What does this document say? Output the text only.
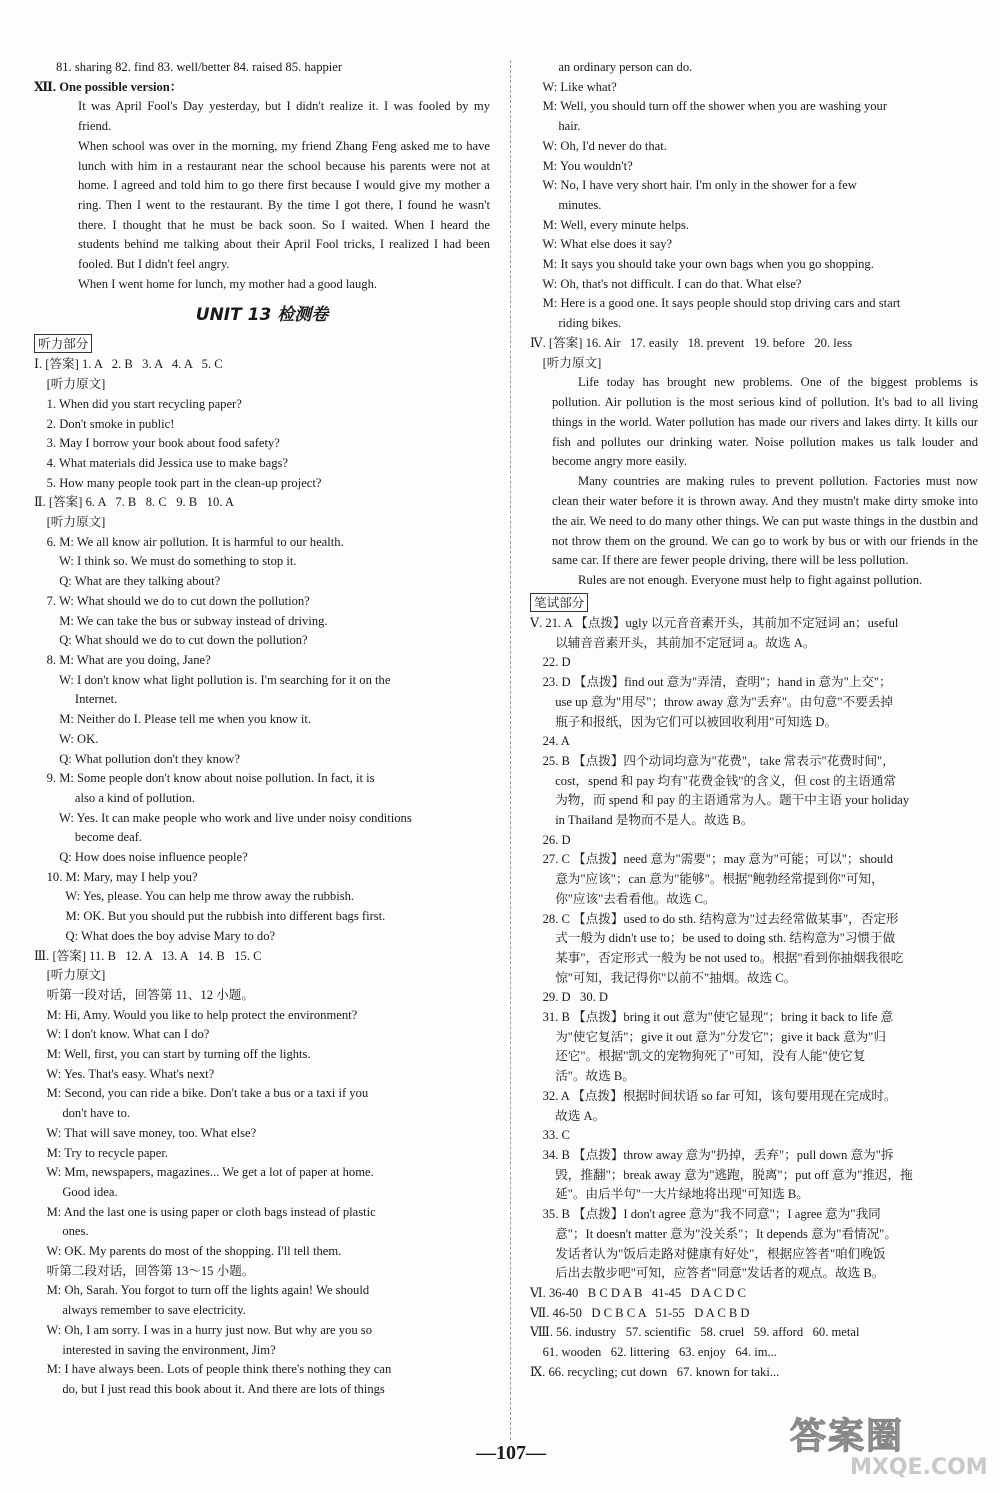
81. sharing 82. find 83. well/better 84. raised 85. happier
Ⅻ. One possible version：
It was April Fool's Day yesterday, but I didn't realize it. I was fooled by my friend.
When school was over in the morning, my friend Zhang Feng asked me to have lunch with him in a restaurant near the school because his parents were not at home. I agreed and told him to go there first because I would give my mother a ring. Then I went to the restaurant. By the time I got there, I found he wasn't there. I thought that he must be back soon. So I waited. When I heard the students behind me talking about their April Fool tricks, I realized I had been fooled. But I didn't feel angry.
When I went home for lunch, my mother had a good laugh.
UNIT 13 检测卷
听力部分
Ⅰ. [答案] 1. A   2. B   3. A   4. A   5. C
[听力原文]
1. When did you start recycling paper?
2. Don't smoke in public!
3. May I borrow your book about food safety?
4. What materials did Jessica use to make bags?
5. How many people took part in the clean-up project?
Ⅱ. [答案] 6. A   7. B   8. C   9. B   10. A
[听力原文]
6. M: We all know air pollution. It is harmful to our health.
W: I think so. We must do something to stop it.
Q: What are they talking about?
7. W: What should we do to cut down the pollution?
M: We can take the bus or subway instead of driving.
Q: What should we do to cut down the pollution?
8. M: What are you doing, Jane?
W: I don't know what light pollution is. I'm searching for it on the
Internet.
M: Neither do I. Please tell me when you know it.
W: OK.
Q: What pollution don't they know?
9. M: Some people don't know about noise pollution. In fact, it is
also a kind of pollution.
W: Yes. It can make people who work and live under noisy conditions
become deaf.
Q: How does noise influence people?
10. M: Mary, may I help you?
W: Yes, please. You can help me throw away the rubbish.
M: OK. But you should put the rubbish into different bags first.
Q: What does the boy advise Mary to do?
Ⅲ. [答案] 11. B   12. A   13. A   14. B   15. C
[听力原文]
听第一段对话，回答第 11、12 小题。
M: Hi, Amy. Would you like to help protect the environment?
W: I don't know. What can I do?
M: Well, first, you can start by turning off the lights.
W: Yes. That's easy. What's next?
M: Second, you can ride a bike. Don't take a bus or a taxi if you
don't have to.
W: That will save money, too. What else?
M: Try to recycle paper.
W: Mm, newspapers, magazines... We get a lot of paper at home.
Good idea.
M: And the last one is using paper or cloth bags instead of plastic
ones.
W: OK. My parents do most of the shopping. I'll tell them.
听第二段对话，回答第 13～15 小题。
M: Oh, Sarah. You forgot to turn off the lights again! We should
always remember to save electricity.
W: Oh, I am sorry. I was in a hurry just now. But why are you so
interested in saving the environment, Jim?
M: I have always been. Lots of people think there's nothing they can
do, but I just read this book about it. And there are lots of things
an ordinary person can do.
W: Like what?
M: Well, you should turn off the shower when you are washing your
hair.
W: Oh, I'd never do that.
M: You wouldn't?
W: No, I have very short hair. I'm only in the shower for a few
minutes.
M: Well, every minute helps.
W: What else does it say?
M: It says you should take your own bags when you go shopping.
W: Oh, that's not difficult. I can do that. What else?
M: Here is a good one. It says people should stop driving cars and start
riding bikes.
Ⅳ. [答案] 16. Air   17. easily   18. prevent   19. before   20. less
[听力原文]
Life today has brought new problems. One of the biggest problems is pollution. Air pollution is the most serious kind of pollution. It's bad to all living things in the world. Water pollution has made our rivers and lakes dirty. It kills our fish and pollutes our drinking water. Noise pollution makes us talk louder and become angry more easily.
Many countries are making rules to prevent pollution. Factories must now clean their water before it is thrown away. And they mustn't make dirty smoke into the air. We need to do many other things. We can put waste things in the dustbin and not throw them on the ground. We can go to work by bus or with our friends in the same car. If there are fewer people driving, there will be less pollution.
Rules are not enough. Everyone must help to fight against pollution.
笔试部分
Ⅴ. 21. A 【点拨】ugly 以元音音素开头，其前加不定冠词 an；useful
以辅音音素开头，其前加不定冠词 a。故选 A。
22. D
23. D 【点拨】find out 意为"弄清，查明"；hand in 意为"上交"；
use up 意为"用尽"；throw away 意为"丢弃"。由句意"不要丢掉
瓶子和报纸，因为它们可以被回收利用"可知选 D。
24. A
25. B 【点拨】四个动词均意为"花费"，take 常表示"花费时间"，
cost，spend 和 pay 均有"花费金钱"的含义，但 cost 的主语通常
为物，而 spend 和 pay 的主语通常为人。题干中主语 your holiday
in Thailand 是物而不是人。故选 B。
26. D
27. C 【点拨】need 意为"需要"；may 意为"可能；可以"；should
意为"应该"；can 意为"能够"。根据"鲍勃经常提到你"可知，
你"应该"去看看他。故选 C。
28. C 【点拨】used to do sth. 结构意为"过去经常做某事"，否定形
式一般为 didn't use to；be used to doing sth. 结构意为"习惯于做
某事"，否定形式一般为 be not used to。根据"看到你抽烟我很吃
惊"可知，我记得你"以前不"抽烟。故选 C。
29. D   30. D
31. B 【点拨】bring it out 意为"使它显现"；bring it back to life 意
为"使它复活"；give it out 意为"分发它"；give it back 意为"归
还它"。根据"凯文的宠物狗死了"可知，没有人能"使它复
活"。故选 B。
32. A 【点拨】根据时间状语 so far 可知，该句要用现在完成时。
故选 A。
33. C
34. B 【点拨】throw away 意为"扔掉，丢弃"；pull down 意为"拆
毁，推翻"；break away 意为"逃跑，脱离"；put off 意为"推迟，拖
延"。由后半句"一大片绿地将出现"可知选 B。
35. B 【点拨】I don't agree 意为"我不同意"；I agree 意为"我同
意"；It doesn't matter 意为"没关系"；It depends 意为"看情况"。
发话者认为"饭后走路对健康有好处"，根据应答者"咱们晚饭
后出去散步吧"可知，应答者"同意"发话者的观点。故选 B。
Ⅵ. 36-40   B C D A B   41-45   D A C D C
Ⅶ. 46-50   D C B C A   51-55   D A C B D
Ⅷ. 56. industry   57. scientific   58. cruel   59. afford   60. metal
61. wooden   62. littering   63. enjoy   64. im...
Ⅸ. 66. recycling; cut down   67. known for taki...
—107—	答案圈
MXQE.COM
